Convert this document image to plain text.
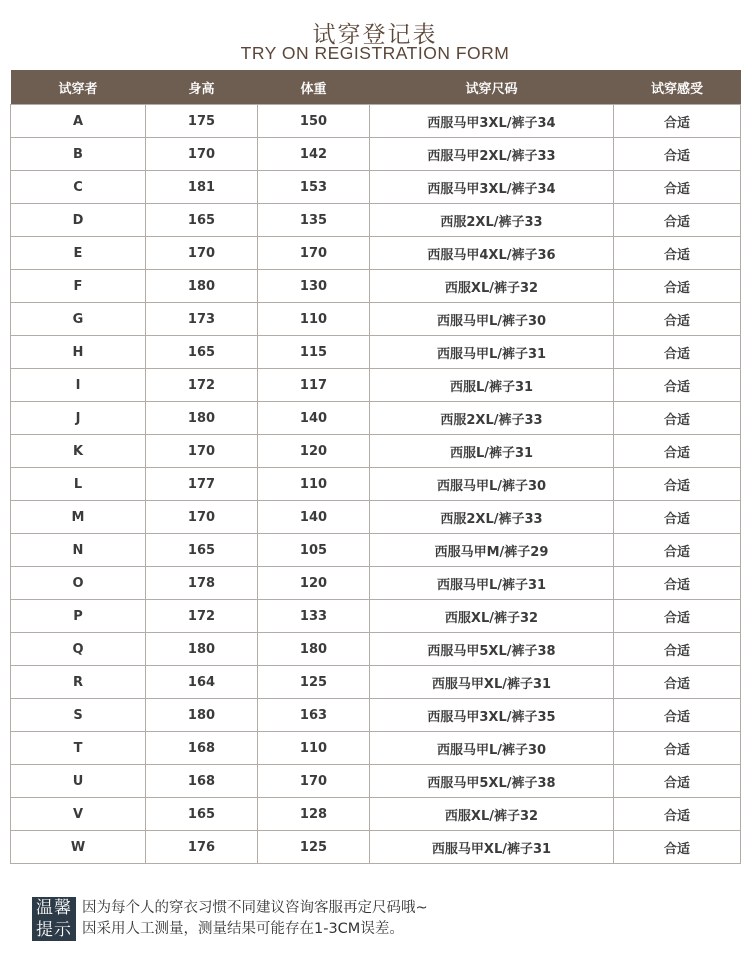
试穿登记表
TRY ON REGISTRATION FORM
试穿者	身高	体重	试穿尺码	试穿感受
A	175	150	西服马甲3XL/裤子34	合适
B	170	142	西服马甲2XL/裤子33	合适
C	181	153	西服马甲3XL/裤子34	合适
D	165	135	西服2XL/裤子33	合适
E	170	170	西服马甲4XL/裤子36	合适
F	180	130	西服XL/裤子32	合适
G	173	110	西服马甲L/裤子30	合适
H	165	115	西服马甲L/裤子31	合适
I	172	117	西服L/裤子31	合适
J	180	140	西服2XL/裤子33	合适
K	170	120	西服L/裤子31	合适
L	177	110	西服马甲L/裤子30	合适
M	170	140	西服2XL/裤子33	合适
N	165	105	西服马甲M/裤子29	合适
O	178	120	西服马甲L/裤子31	合适
P	172	133	西服XL/裤子32	合适
Q	180	180	西服马甲5XL/裤子38	合适
R	164	125	西服马甲XL/裤子31	合适
S	180	163	西服马甲3XL/裤子35	合适
T	168	110	西服马甲L/裤子30	合适
U	168	170	西服马甲5XL/裤子38	合适
V	165	128	西服XL/裤子32	合适
W	176	125	西服马甲XL/裤子31	合适
温馨
提示
因为每个人的穿衣习惯不同建议咨询客服再定尺码哦~
因采用人工测量，测量结果可能存在1-3CM误差。
